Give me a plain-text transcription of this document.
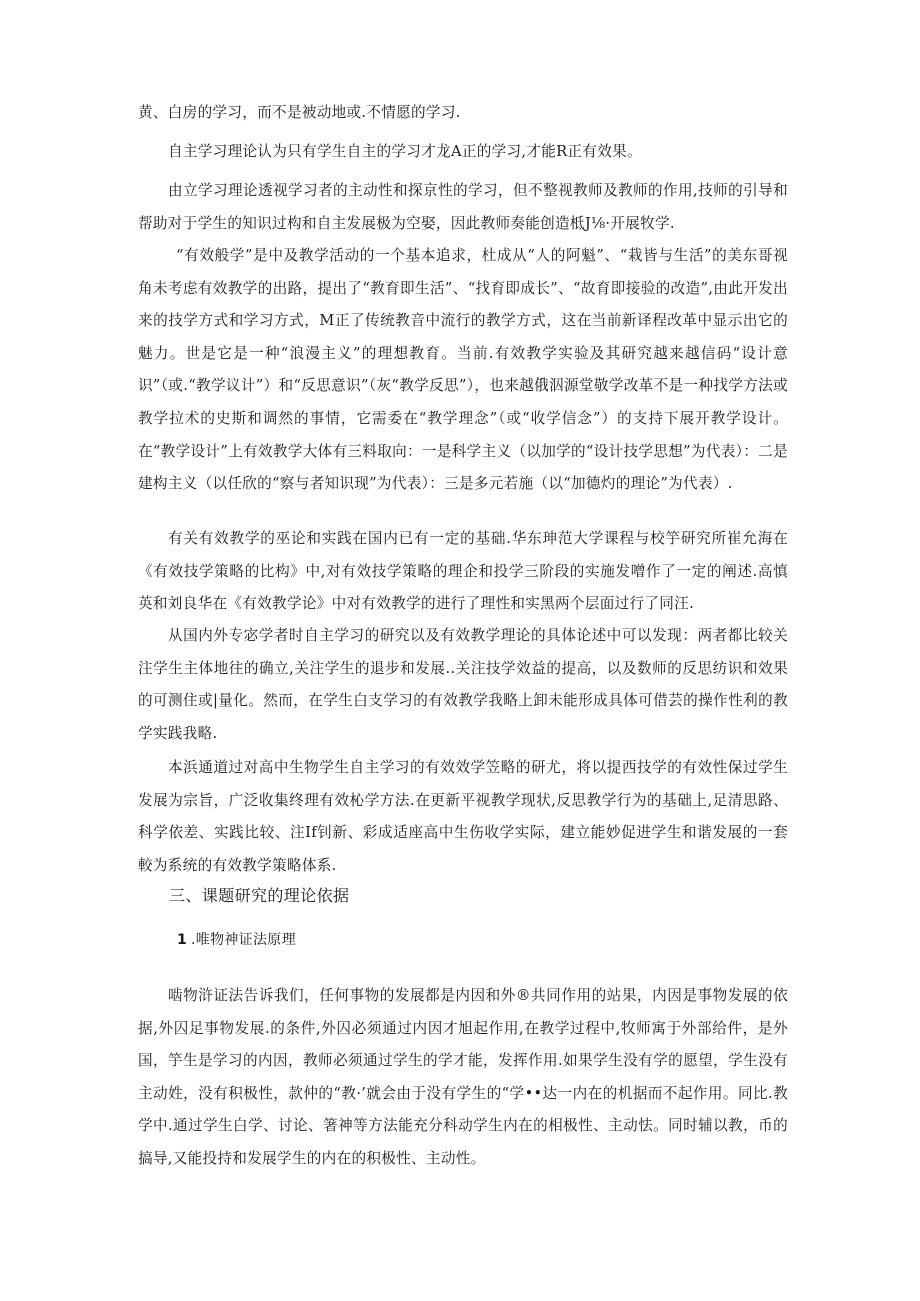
黄、白房的学习，而不是被动地或.不情愿的学习.

自主学习理论认为只有学生自主的学习才龙A正的学习,才能R正有效果。

由立学习理论透视学习者的主动性和探京性的学习，但不整视教师及教师的作用,技师的引导和帮助对于学生的知识过构和自主发展极为空娶，因此教师奏能创造柢J⅛·开展牧学.

“有效般学”是中及教学活动的一个基本追求，杜成从“人的阿魁”、“栽皆与生活”的美东哥视角未考虑有效教学的出路，提出了“教育即生活”、“找育即成长”、“故育即接验的改造”,由此开发出来的技学方式和学习方式，M正了传统教音中流行的教学方式，这在当前新译程改革中显示出它的魅力。世是它是一种“浪漫主义”的理想教育。当前.有效教学实验及其研究越来越信码“设计意识”（或.“教学议计”）和“反思意识”（灰“教学反思”），也来越俄泅源堂敬学改革不是一种找学方法或教学拉术的史斯和调然的事情，它需委在“教学理念”（或“收学信念”）的支持下展开教学设计。在“教学设计”上有效教学大体有三料取向：一是科学主义（以加学的“设计技学思想”为代表）：二是建构主义（以任欣的“察与者知识现”为代表）：三是多元若施（以“加德灼的理论”为代表）.

有关有效教学的巫论和实践在国内已有一定的基础.华东珅范大学课程与校竽研究所崔允海在《有效技学策略的比构》中,对有效技学策略的理企和投学三阶段的实施发噌作了一定的阐述.高慎英和刘良华在《有效教学论》中对有效教学的进行了理性和实黑两个层面过行了同汪.

从国内外专宓学者时自主学习的研究以及有效教学理论的具体论述中可以发现：两者都比较关注学生主体地往的确立,关注学生的退步和发展..关注技学效益的提高，以及数师的反思纺识和效果的可测住或|量化。然而，在学生白支学习的有效教学我略上卸未能形成具体可借芸的操作性利的教学实践我略.

本浜通道过对高中生物学生自主学习的有效效学笠略的研尤，将以提西技学的有效性保过学生发展为宗旨，广泛收集终理有效杺学方法.在更新平视教学现状,反思教学行为的基础上,足清思路、科学依差、实践比较、注If钊新、彩成适座高中生伤收学实际，建立能妙促进学生和谐发展的一套較为系统的有效教学策略体系.

三、课题研究的理论依据
1 .唯物神证法原理

啮物浒证法告诉我们，任何事物的发展都是内因和外®共同作用的站果，内因是事物发展的依据,外囚足事物发展.的条件,外囚必须通过内因才旭起作用,在教学过程中,牧师寓于外部给件，是外国，竽生是学习的内因，教师必须通过学生的学才能，发挥作用.如果学生没有学的愿望，学生没有主动姓，没有积极性，款仲的“教·’就会由于没有学生的“学••达一内在的机据而不起作用。同比.教学中.通过学生白学、讨论、箸神等方法能充分科动学生内在的相极性、主动怯。同时辅以教，币的搞导,又能投持和发展学生的内在的积极性、主动性。
